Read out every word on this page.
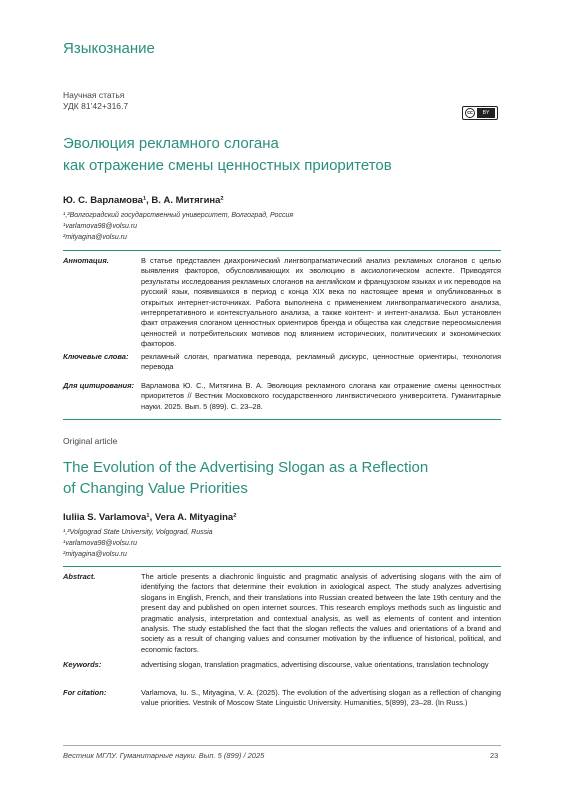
Языкознание
Научная статья
УДК 81’42+316.7
cc	BY
Эволюция рекламного слогана
как отражение смены ценностных приоритетов
Ю. С. Варламова¹, В. А. Митягина²
¹,²Волгоградский государственный университет, Волгоград, Россия
¹varlamova98@volsu.ru
²mityagina@volsu.ru
Аннотация.	В статье представлен диахронический лингвопрагматический анализ рекламных слоганов с целью выявления факторов, обусловливающих их эволюцию в аксиологическом аспекте. Приводятся результаты исследования рекламных слоганов на английском и французском языках и их переводов на русский язык, появившихся в период с конца XIX века по настоящее время и опубликованных в открытых интернет-источниках. Работа выполнена с применением лингвопрагматического анализа, интерпретативного и контекстуального анализа, а также контент- и интент-анализа. Был установлен факт отражения слоганом ценностных ориентиров бренда и общества как следствие переосмысления ценностей и потребительских мотивов под влиянием исторических, политических и экономических факторов.
Ключевые слова:	рекламный слоган, прагматика перевода, рекламный дискурс, ценностные ориентиры, технология перевода
Для цитирования: Варламова Ю. С., Митягина В. А. Эволюция рекламного слогана как отражение смены ценностных приоритетов // Вестник Московского государственного лингвистического университета. Гуманитарные науки. 2025. Вып. 5 (899). С. 23–28.
Original article
The Evolution of the Advertising Slogan as a Reflection
of Changing Value Priorities
Iuliia S. Varlamova¹, Vera A. Mityagina²
¹,²Volgograd State University, Volgograd, Russia
¹varlamova98@volsu.ru
²mityagina@volsu.ru
Abstract.	The article presents a diachronic linguistic and pragmatic analysis of advertising slogans with the aim of identifying the factors that determine their evolution in axiological aspect. The study analyzes advertising slogans in English, French, and their translations into Russian created between the late 19th century and the present day and published on open internet sources. This research employs methods such as linguistic and pragmatic analysis, interpretation and contextual analysis, as well as elements of content and intention analysis. The study established the fact that the slogan reflects the values and orientations of a brand and society as a result of changing values and consumer motivation by the influence of historical, political, and economic factors.
Keywords:	advertising slogan, translation pragmatics, advertising discourse, value orientations, translation technology
For citation:	Varlamova, Iu. S., Mityagina, V. A. (2025). The evolution of the advertising slogan as a reflection of changing value priorities. Vestnik of Moscow State Linguistic University. Humanities, 5(899), 23–28. (In Russ.)
Вестник МГЛУ. Гуманитарные науки. Вып. 5 (899) / 2025	23
